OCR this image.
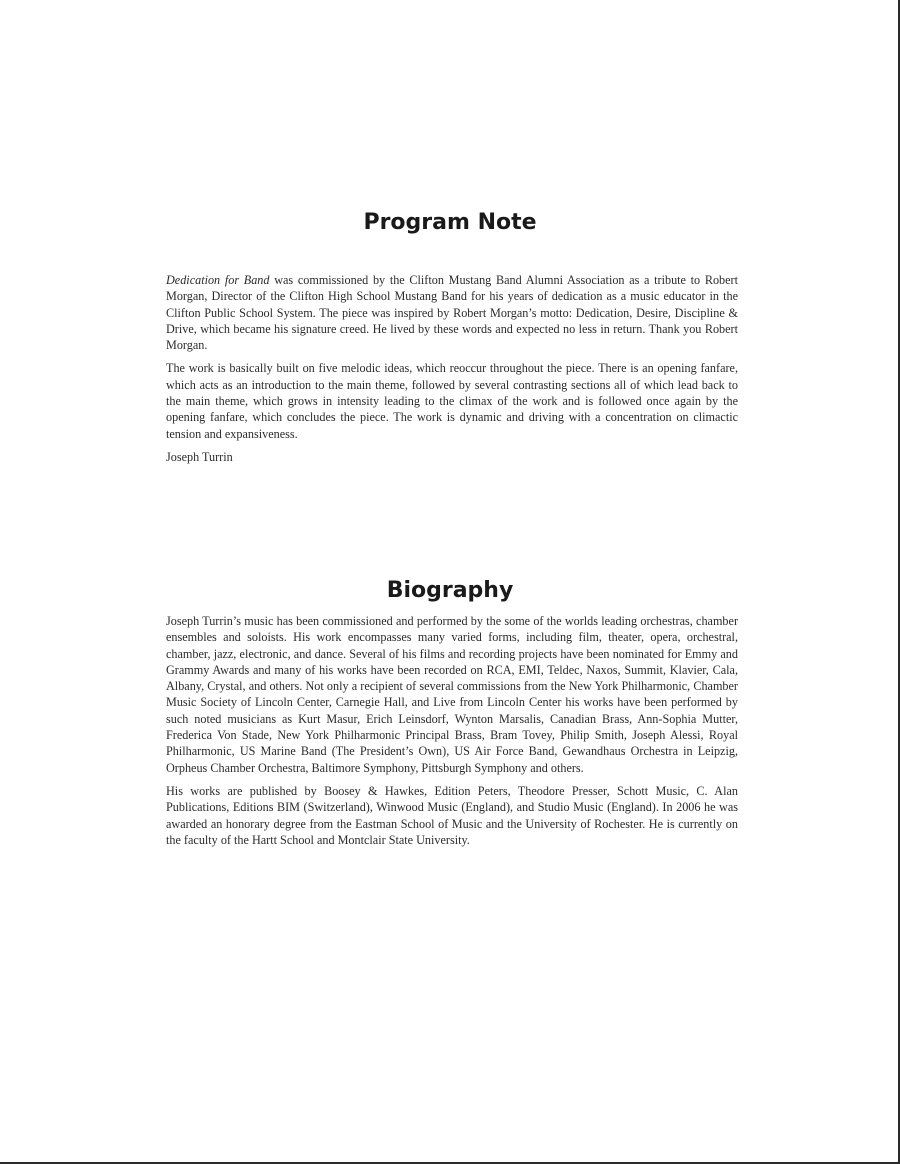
Program Note

Dedication for Band was commissioned by the Clifton Mustang Band Alumni Association as a tribute to Robert Morgan, Director of the Clifton High School Mustang Band for his years of dedication as a music educator in the Clifton Public School System. The piece was inspired by Robert Morgan’s motto: Dedication, Desire, Discipline & Drive, which became his signature creed. He lived by these words and expected no less in return. Thank you Robert Morgan.

The work is basically built on five melodic ideas, which reoccur throughout the piece. There is an opening fanfare, which acts as an introduction to the main theme, followed by several contrasting sections all of which lead back to the main theme, which grows in intensity leading to the climax of the work and is followed once again by the opening fanfare, which concludes the piece. The work is dynamic and driving with a concentration on climactic tension and expansiveness.

Joseph Turrin

Biography

Joseph Turrin’s music has been commissioned and performed by the some of the worlds leading orchestras, chamber ensembles and soloists. His work encompasses many varied forms, including film, theater, opera, orchestral, chamber, jazz, electronic, and dance. Several of his films and recording projects have been nominated for Emmy and Grammy Awards and many of his works have been recorded on RCA, EMI, Teldec, Naxos, Summit, Klavier, Cala, Albany, Crystal, and others. Not only a recipient of several commissions from the New York Philharmonic, Chamber Music Society of Lincoln Center, Carnegie Hall, and Live from Lincoln Center his works have been performed by such noted musicians as Kurt Masur, Erich Leinsdorf, Wynton Marsalis, Canadian Brass, Ann-Sophia Mutter, Frederica Von Stade, New York Philharmonic Principal Brass, Bram Tovey, Philip Smith, Joseph Alessi, Royal Philharmonic, US Marine Band (The President’s Own), US Air Force Band, Gewandhaus Orchestra in Leipzig, Orpheus Chamber Orchestra, Baltimore Symphony, Pittsburgh Symphony and others.

His works are published by Boosey & Hawkes, Edition Peters, Theodore Presser, Schott Music, C. Alan Publications, Editions BIM (Switzerland), Winwood Music (England), and Studio Music (England). In 2006 he was awarded an honorary degree from the Eastman School of Music and the University of Rochester. He is currently on the faculty of the Hartt School and Montclair State University.
